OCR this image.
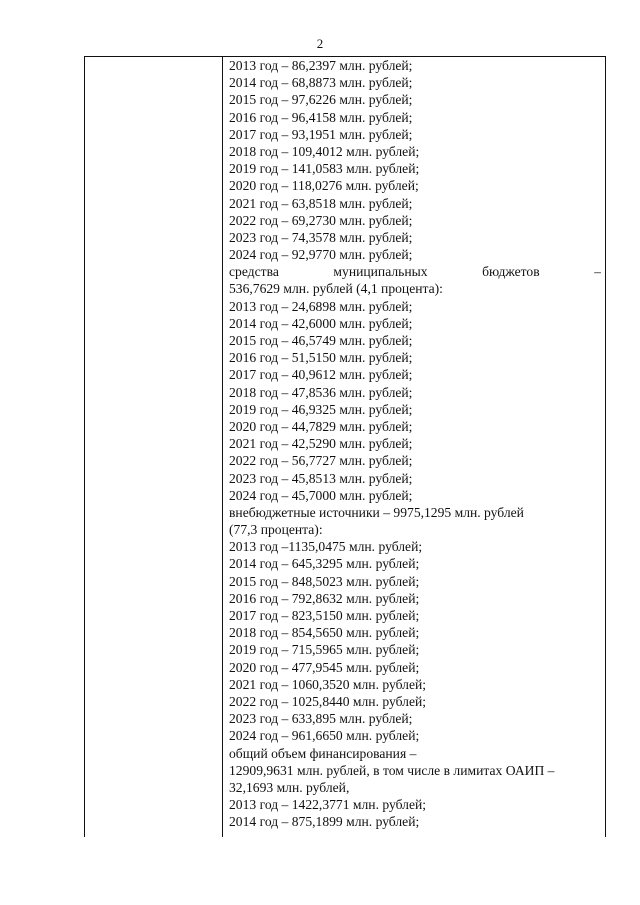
2
2013 год – 86,2397 млн. рублей;
2014 год – 68,8873 млн. рублей;
2015 год – 97,6226 млн. рублей;
2016 год – 96,4158 млн. рублей;
2017 год – 93,1951 млн. рублей;
2018 год – 109,4012 млн. рублей;
2019 год – 141,0583 млн. рублей;
2020 год – 118,0276 млн. рублей;
2021 год – 63,8518 млн. рублей;
2022 год – 69,2730 млн. рублей;
2023 год – 74,3578 млн. рублей;
2024 год – 92,9770 млн. рублей;
средства муниципальных бюджетов –
536,7629 млн. рублей (4,1 процента):
2013 год – 24,6898 млн. рублей;
2014 год – 42,6000 млн. рублей;
2015 год – 46,5749 млн. рублей;
2016 год – 51,5150 млн. рублей;
2017 год – 40,9612 млн. рублей;
2018 год – 47,8536 млн. рублей;
2019 год – 46,9325 млн. рублей;
2020 год – 44,7829 млн. рублей;
2021 год – 42,5290 млн. рублей;
2022 год – 56,7727 млн. рублей;
2023 год – 45,8513 млн. рублей;
2024 год – 45,7000 млн. рублей;
внебюджетные источники – 9975,1295 млн. рублей
(77,3 процента):
2013 год –1135,0475 млн. рублей;
2014 год – 645,3295 млн. рублей;
2015 год – 848,5023 млн. рублей;
2016 год – 792,8632 млн. рублей;
2017 год – 823,5150 млн. рублей;
2018 год – 854,5650 млн. рублей;
2019 год – 715,5965 млн. рублей;
2020 год – 477,9545 млн. рублей;
2021 год – 1060,3520 млн. рублей;
2022 год – 1025,8440 млн. рублей;
2023 год – 633,895 млн. рублей;
2024 год – 961,6650 млн. рублей;
общий объем финансирования –
12909,9631 млн. рублей, в том числе в лимитах ОАИП –
32,1693 млн. рублей,
2013 год – 1422,3771 млн. рублей;
2014 год – 875,1899 млн. рублей;
